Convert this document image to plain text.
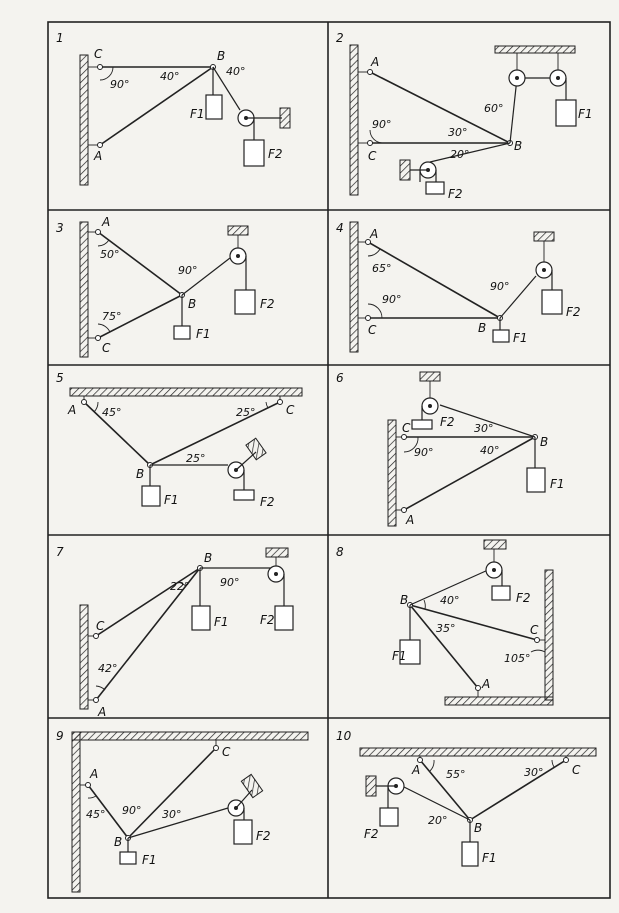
1
C	B
A
F1
F2
90°
40°	40°
2
A
C
B
F1
F2
90°
30°
60°
20°
3	A
C
B
F1
F2
50°
75°
90°
4 A
C	B
F1
F2
65°
90°
90°
5
A	C
B
F1	F2
45°	25°
25°
6
C
A
B
F1
F2 30°
90°	40°
7
C
A
B
F1	F2
22°	90°
42°
8
B
C
A
F1
F2
40°
35°
105°
9
A
C
B
F1
F2
45° 90° 30°
10
A	C
B
F1
F2
55°	30°
20°
